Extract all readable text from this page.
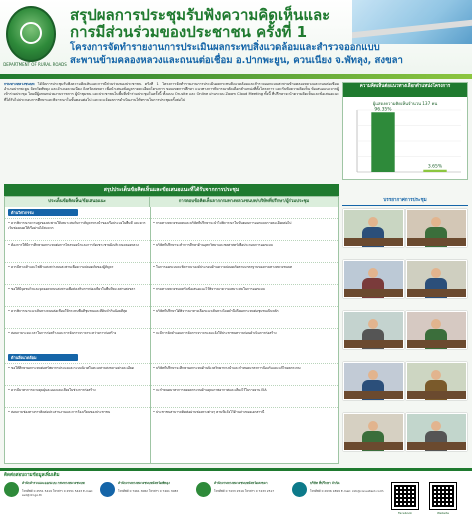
DEPARTMENT OF RURAL ROADS
สรุปผลการประชุมรับฟังความคิดเห็นและ
การมีส่วนร่วมของประชาชน ครั้งที่ 1
โครงการจัดทำรายงานการประเมินผลกระทบสิ่งแวดล้อมและสำรวจออกแบบ
สะพานข้ามคลองหลวงและถนนต่อเชื่อม อ.ปากพะยูน, ควนเนียง จ.พัทลุง, สงขลา
กรมทางหลวงชนบท ได้จัดการประชุมรับฟังความคิดเห็นและการมีส่วนร่วมของประชาชน ครั้งที่ 1 โครงการจัดทำรายงานการประเมินผลกระทบสิ่งแวดล้อมและสำรวจออกแบบสะพานข้ามคลองหลวงและถนนต่อเชื่อม อำเภอปากพะยูน จังหวัดพัทลุง และอำเภอควนเนียง จังหวัดสงขลา เพื่อนำเสนอข้อมูลรายละเอียดโครงการ ขอบเขตการศึกษา แนวทางการพิจารณาคัดเลือกตำแหน่งที่ตั้งโครงการ และรับฟังความคิดเห็น ข้อเสนอแนะจากผู้เข้าร่วมประชุม โดยมีผู้แทนหน่วยงานราชการ ผู้นำชุมชน และประชาชนในพื้นที่เข้าร่วมประชุมในครั้งนี้ ทั้งแบบ On-site และ Online ผ่านระบบ Zoom Cloud Meeting ทั้งนี้ ที่ปรึกษาจะนำความคิดเห็นและข้อเสนอแนะที่ได้รับไปประกอบการศึกษาและพิจารณาในขั้นตอนต่อไป และจะแจ้งผลการดำเนินงานให้ทราบในการประชุมครั้งต่อไป
ความคิดเห็นต่อแนวทางเลือกตำแหน่งโครงการ
ผู้แสดงความคิดเห็นจำนวน 137 คน
96.35%
3.65%
สรุปประเด็นข้อคิดเห็นและข้อเสนอแนะที่ได้รับจากการประชุม
ประเด็นข้อคิดเห็น/ข้อเสนอแนะ	การตอบข้อคิดเห็นจากกรมทางหลวงชนบท/บริษัทที่ปรึกษา/ผู้ร่วมประชุม
ด้านวิศวกรรม
• ควรพิจารณาความสูงของสะพานให้เหมาะสมกับการสัญจรทางน้ำของเรือประมงในพื้นที่ และควรเว้นช่องลอดให้เรือผ่านได้สะดวก
• กรมทางหลวงชนบทและบริษัทที่ปรึกษาจะนำไปพิจารณาในขั้นตอนการออกแบบรายละเอียดต่อไป
• ต้องการให้มีการศึกษาผลกระทบต่อการไหลของน้ำและการกัดเซาะชายฝั่งบริเวณคลองหลวง	• บริษัทที่ปรึกษาจะทำการศึกษาด้านอุทกวิทยาและชลศาสตร์เพื่อประกอบการออกแบบ
• ควรมีทางเท้าและไฟฟ้าแสงสว่างบนสะพานเพื่อความปลอดภัยของผู้สัญจร	• ในการออกแบบจะพิจารณาองค์ประกอบด้านความปลอดภัยตามมาตรฐานของกรมทางหลวงชนบท
• ขอให้มีจุดชมวิวและจุดจอดรถบนสะพานเพื่อส่งเสริมการท่องเที่ยวในพื้นที่ทะเลสาบสงขลา	• กรมทางหลวงชนบทรับข้อเสนอแนะไว้พิจารณาความเหมาะสมในการออกแบบ
• ควรพิจารณาแนวเส้นทางถนนต่อเชื่อมให้กระทบพื้นที่ชุมชนและที่ดินทำกินน้อยที่สุด	• บริษัทที่ปรึกษาได้พิจารณาทางเลือกแนวเส้นทางโดยคำนึงถึงผลกระทบต่อชุมชนเป็นหลัก
• สอบถามระยะเวลาในการก่อสร้างและการจัดการจราจรระหว่างการก่อสร้าง	• จะมีการจัดทำแผนการจัดการจราจรและแจ้งให้ประชาชนทราบก่อนดำเนินการก่อสร้าง
ด้านสิ่งแวดล้อม
• ขอให้ศึกษาผลกระทบต่อทรัพยากรประมงและระบบนิเวศในทะเลสาบสงขลาอย่างละเอียด	• บริษัทที่ปรึกษาจะศึกษาผลกระทบด้านนิเวศวิทยาทางน้ำและกำหนดมาตรการป้องกันและแก้ไขผลกระทบ
• ควรมีมาตรการควบคุมฝุ่นละอองและเสียงในช่วงการก่อสร้าง	• จะกำหนดมาตรการลดผลกระทบด้านคุณภาพอากาศและเสียงไว้ในรายงาน EIA
• สอบถามช่องทางการติดต่อประสานงานและการร้องเรียนของประชาชน	• ประชาชนสามารถติดต่อผ่านช่องทางต่างๆ ตามที่แจ้งไว้ด้านล่างของเอกสารนี้
บรรยากาศการประชุม
ติดต่อสอบถามข้อมูลเพิ่มเติม
สำนักสำรวจและออกแบบ กรมทางหลวงชนบท
โทรศัพท์ 0 2551 5419 โทรสาร 0 2551 5423 E-mail: ssd@drr.go.th
สำนักงานทางหลวงชนบทจังหวัดพัทลุง
โทรศัพท์ 0 7461 3082 โทรสาร 0 7461 3083
สำนักงานทางหลวงชนบทจังหวัดสงขลา
โทรศัพท์ 0 7433 2516 โทรสาร 0 7433 2517
บริษัท ที่ปรึกษา จำกัด
โทรศัพท์ 0 2936 1899 E-mail: info@consultant.co.th
Facebook	Website
